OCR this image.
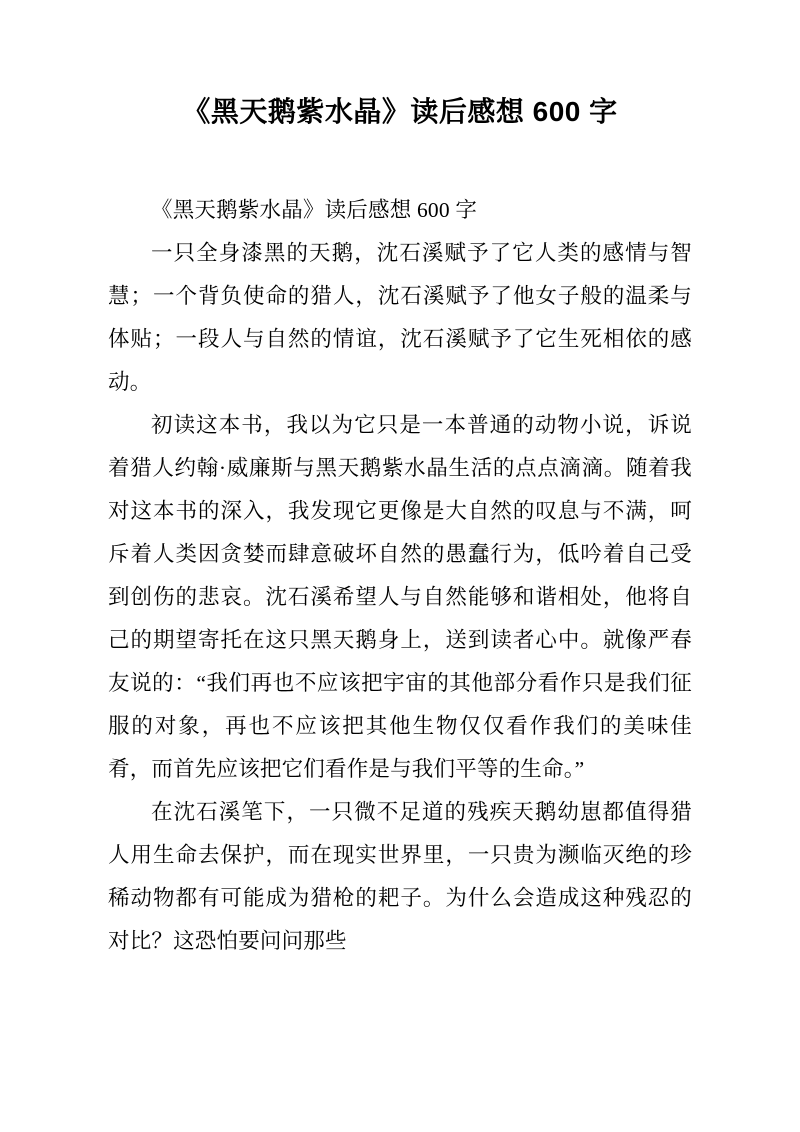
《黑天鹅紫水晶》读后感想 600 字

《黑天鹅紫水晶》读后感想 600 字

一只全身漆黑的天鹅，沈石溪赋予了它人类的感情与智慧；一个背负使命的猎人，沈石溪赋予了他女子般的温柔与体贴；一段人与自然的情谊，沈石溪赋予了它生死相依的感动。

初读这本书，我以为它只是一本普通的动物小说，诉说着猎人约翰·威廉斯与黑天鹅紫水晶生活的点点滴滴。随着我对这本书的深入，我发现它更像是大自然的叹息与不满，呵斥着人类因贪婪而肆意破坏自然的愚蠢行为，低吟着自己受到创伤的悲哀。沈石溪希望人与自然能够和谐相处，他将自己的期望寄托在这只黑天鹅身上，送到读者心中。就像严春友说的：“我们再也不应该把宇宙的其他部分看作只是我们征服的对象，再也不应该把其他生物仅仅看作我们的美味佳肴，而首先应该把它们看作是与我们平等的生命。”

在沈石溪笔下，一只微不足道的残疾天鹅幼崽都值得猎人用生命去保护，而在现实世界里，一只贵为濒临灭绝的珍稀动物都有可能成为猎枪的耙子。为什么会造成这种残忍的对比？这恐怕要问问那些
